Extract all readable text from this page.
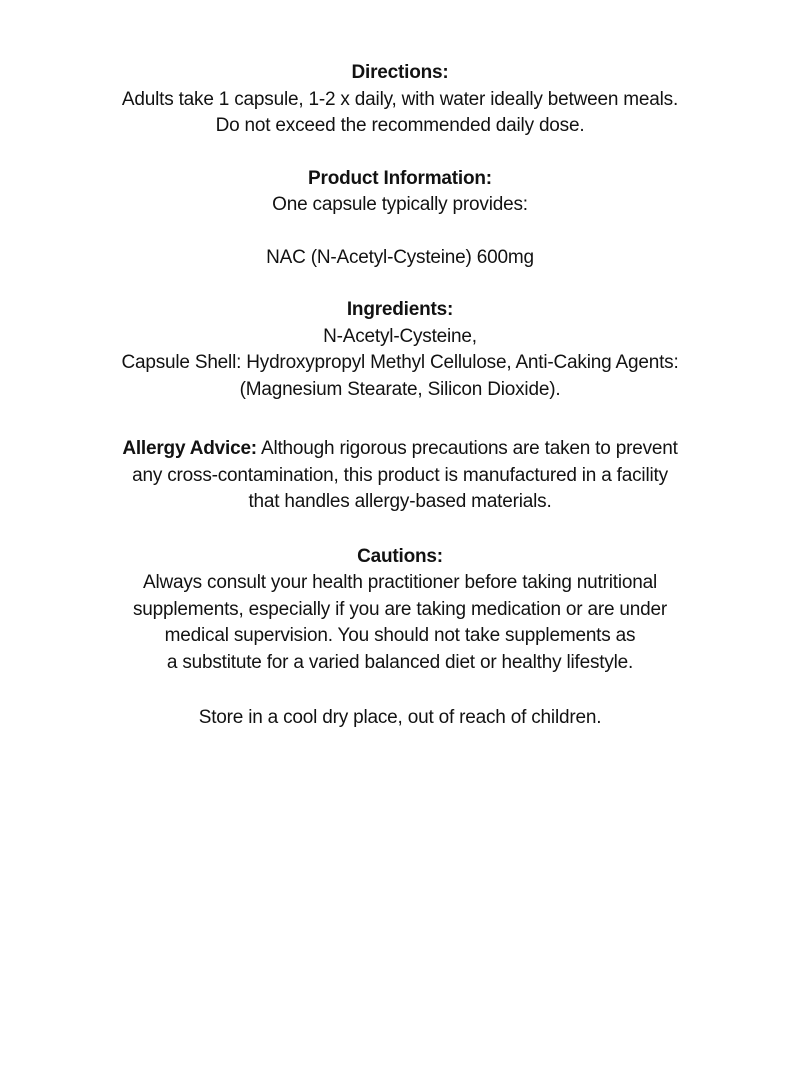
Directions:
Adults take 1 capsule, 1-2 x daily, with water ideally between meals.
Do not exceed the recommended daily dose.
Product Information:
One capsule typically provides:
NAC (N-Acetyl-Cysteine) 600mg
Ingredients:
N-Acetyl-Cysteine,
Capsule Shell: Hydroxypropyl Methyl Cellulose, Anti-Caking Agents:
(Magnesium Stearate, Silicon Dioxide).
Allergy Advice: Although rigorous precautions are taken to prevent
any cross-contamination, this product is manufactured in a facility
that handles allergy-based materials.
Cautions:
Always consult your health practitioner before taking nutritional
supplements, especially if you are taking medication or are under
medical supervision. You should not take supplements as
a substitute for a varied balanced diet or healthy lifestyle.
Store in a cool dry place, out of reach of children.
